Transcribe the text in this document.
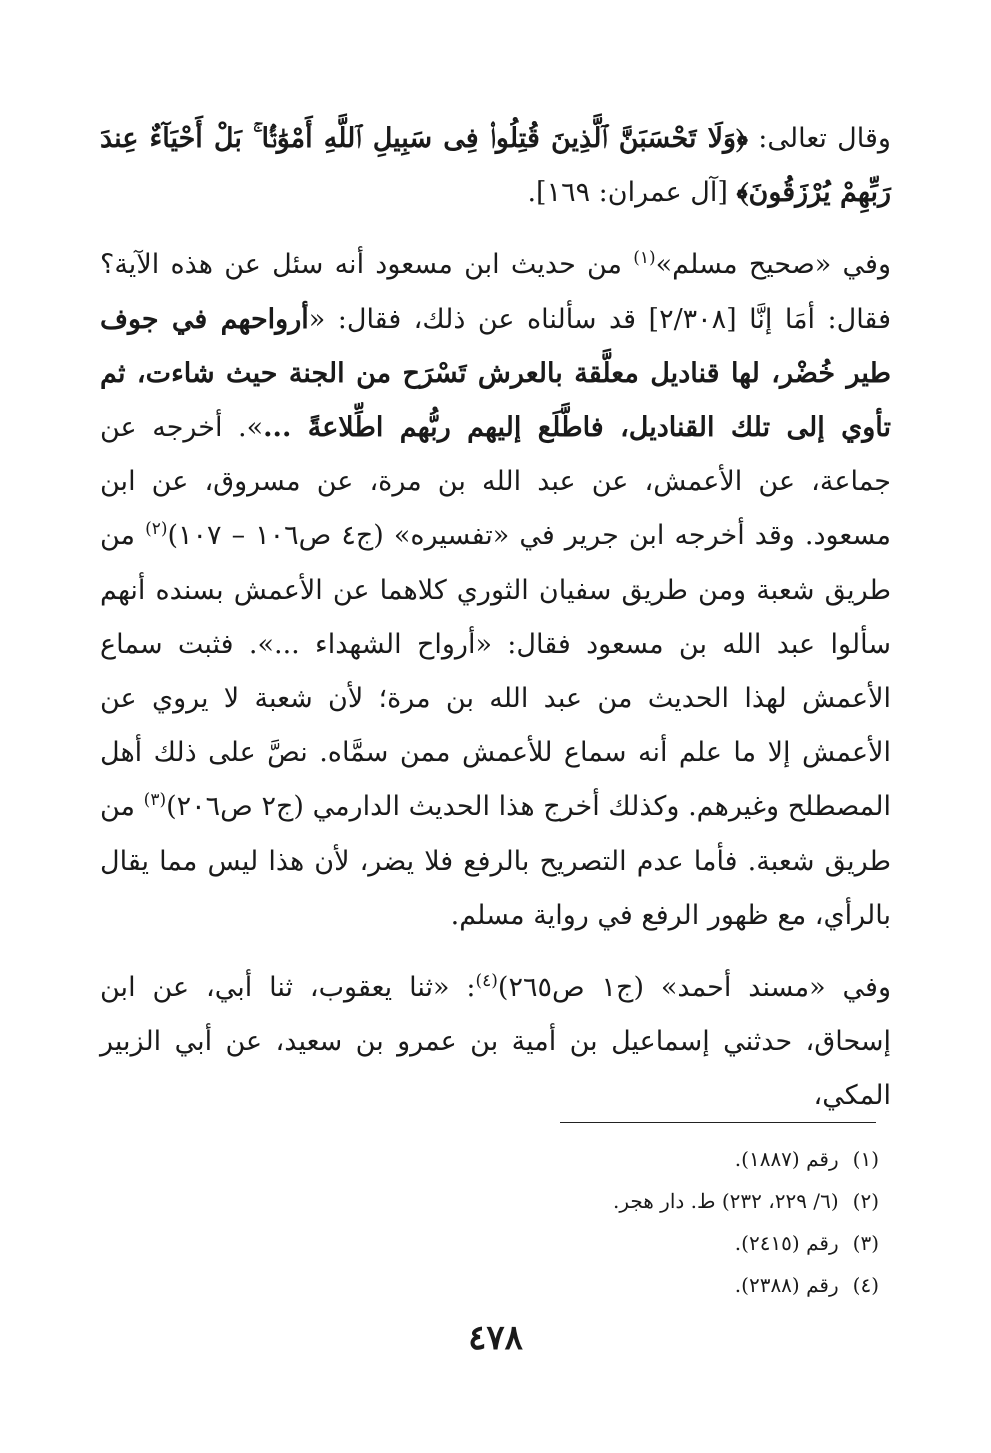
وقال تعالى: ﴿وَلَا تَحْسَبَنَّ ٱلَّذِينَ قُتِلُوا۟ فِى سَبِيلِ ٱللَّهِ أَمْوَٰتًۢا ۚ بَلْ أَحْيَآءٌ عِندَ رَبِّهِمْ يُرْزَقُونَ﴾ [آل عمران: ١٦٩].

وفي «صحيح مسلم»$^{(١)}$ من حديث ابن مسعود أنه سئل عن هذه الآية؟ فقال: أمَا إنَّا [٢/٣٠٨] قد سألناه عن ذلك، فقال: «أرواحهم في جوف طير خُضْر، لها قناديل معلَّقة بالعرش تَسْرَح من الجنة حيث شاءت، ثم تأوي إلى تلك القناديل، فاطَّلَع إليهم ربُّهم اطِّلاعةً ...». أخرجه عن جماعة، عن الأعمش، عن عبد الله بن مرة، عن مسروق، عن ابن مسعود. وقد أخرجه ابن جرير في «تفسيره» (ج٤ ص١٠٦ – ١٠٧)$^{(٢)}$ من طريق شعبة ومن طريق سفيان الثوري كلاهما عن الأعمش بسنده أنهم سألوا عبد الله بن مسعود فقال: «أرواح الشهداء ...». فثبت سماع الأعمش لهذا الحديث من عبد الله بن مرة؛ لأن شعبة لا يروي عن الأعمش إلا ما علم أنه سماع للأعمش ممن سمَّاه. نصَّ على ذلك أهل المصطلح وغيرهم. وكذلك أخرج هذا الحديث الدارمي (ج٢ ص٢٠٦)$^{(٣)}$ من طريق شعبة. فأما عدم التصريح بالرفع فلا يضر، لأن هذا ليس مما يقال بالرأي، مع ظهور الرفع في رواية مسلم.

وفي «مسند أحمد» (ج١ ص٢٦٥)$^{(٤)}$: «ثنا يعقوب، ثنا أبي، عن ابن إسحاق، حدثني إسماعيل بن أمية بن عمرو بن سعيد، عن أبي الزبير المكي،

(١)رقم (١٨٨٧).

(٢)(٦/ ٢٢٩، ٢٣٢) ط. دار هجر.

(٣)رقم (٢٤١٥).

(٤)رقم (٢٣٨٨).

٤٧٨
